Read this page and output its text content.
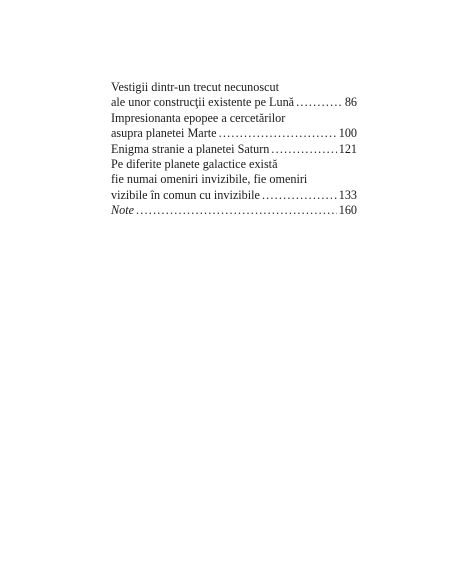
Vestigii dintr-un trecut necunoscut
ale unor construcţii existente pe Lună .....	86
Impresionanta epopee a cercetărilor
asupra planetei Marte .....	100
Enigma stranie a planetei Saturn .....	121
Pe diferite planete galactice există
fie numai omeniri invizibile, fie omeniri
vizibile în comun cu invizibile .....	133
Note .....	160
